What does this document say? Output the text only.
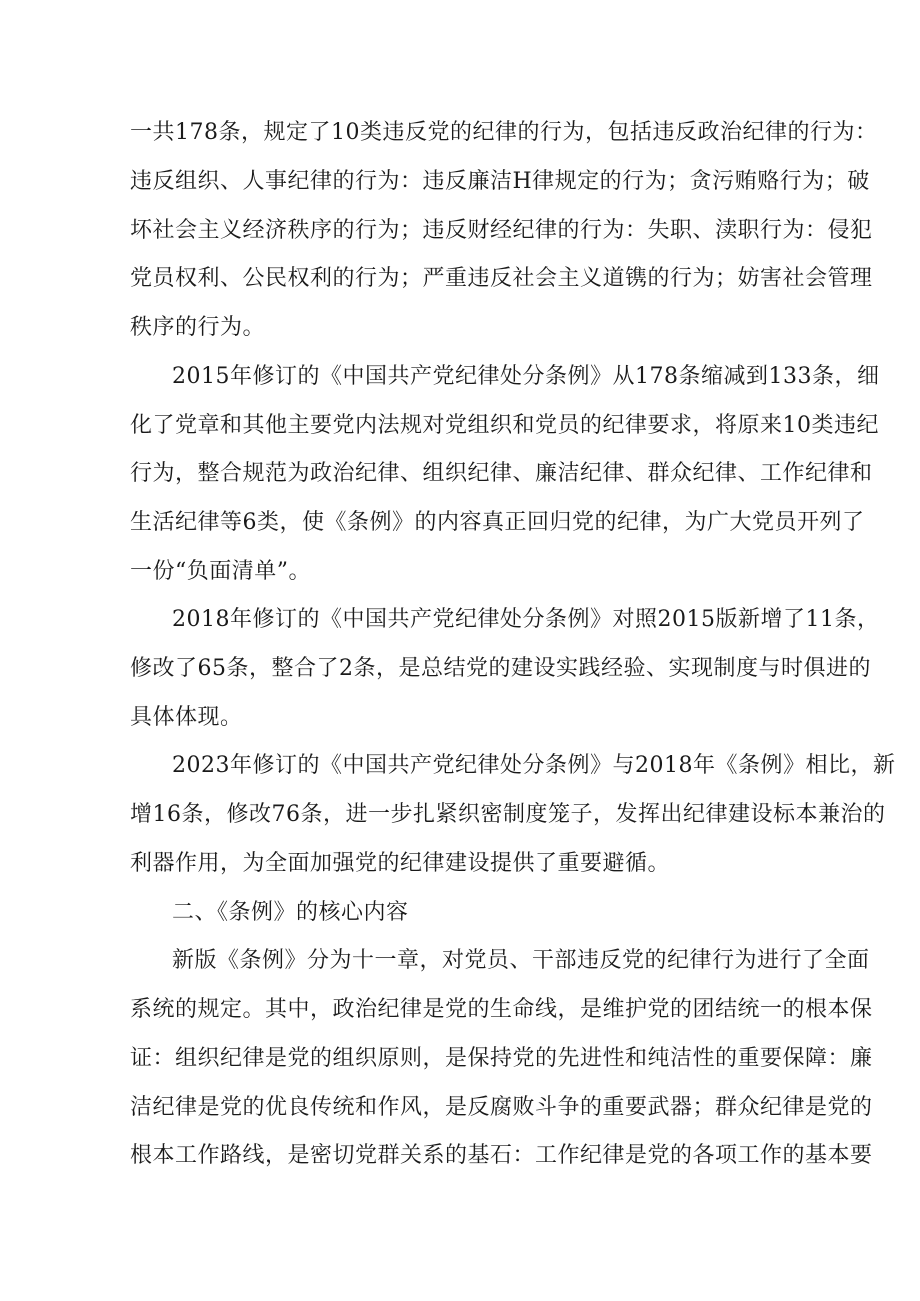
一共178条，规定了10类违反党的纪律的行为，包括违反政治纪律的行为：
违反组织、人事纪律的行为：违反廉洁H律规定的行为；贪污贿赂行为；破
坏社会主义经济秩序的行为；违反财经纪律的行为：失职、渎职行为：侵犯
党员权利、公民权利的行为；严重违反社会主义道镌的行为；妨害社会管理
秩序的行为。
2015年修订的《中国共产党纪律处分条例》从178条缩减到133条，细
化了党章和其他主要党内法规对党组织和党员的纪律要求，将原来10类违纪
行为，整合规范为政治纪律、组织纪律、廉洁纪律、群众纪律、工作纪律和
生活纪律等6类，使《条例》的内容真正回归党的纪律，为广大党员开列了
一份“负面清单”。
2018年修订的《中国共产党纪律处分条例》对照2015版新增了11条，
修改了65条，整合了2条，是总结党的建设实践经验、实现制度与时俱进的
具体体现。
2023年修订的《中国共产党纪律处分条例》与2018年《条例》相比，新
增16条，修改76条，进一步扎紧织密制度笼子，发挥出纪律建设标本兼治的
利器作用，为全面加强党的纪律建设提供了重要避循。
二、《条例》的核心内容
新版《条例》分为十一章，对党员、干部违反党的纪律行为进行了全面
系统的规定。其中，政治纪律是党的生命线，是维护党的团结统一的根本保
证：组织纪律是党的组织原则，是保持党的先进性和纯洁性的重要保障：廉
洁纪律是党的优良传统和作风，是反腐败斗争的重要武器；群众纪律是党的
根本工作路线，是密切党群关系的基石：工作纪律是党的各项工作的基本要
